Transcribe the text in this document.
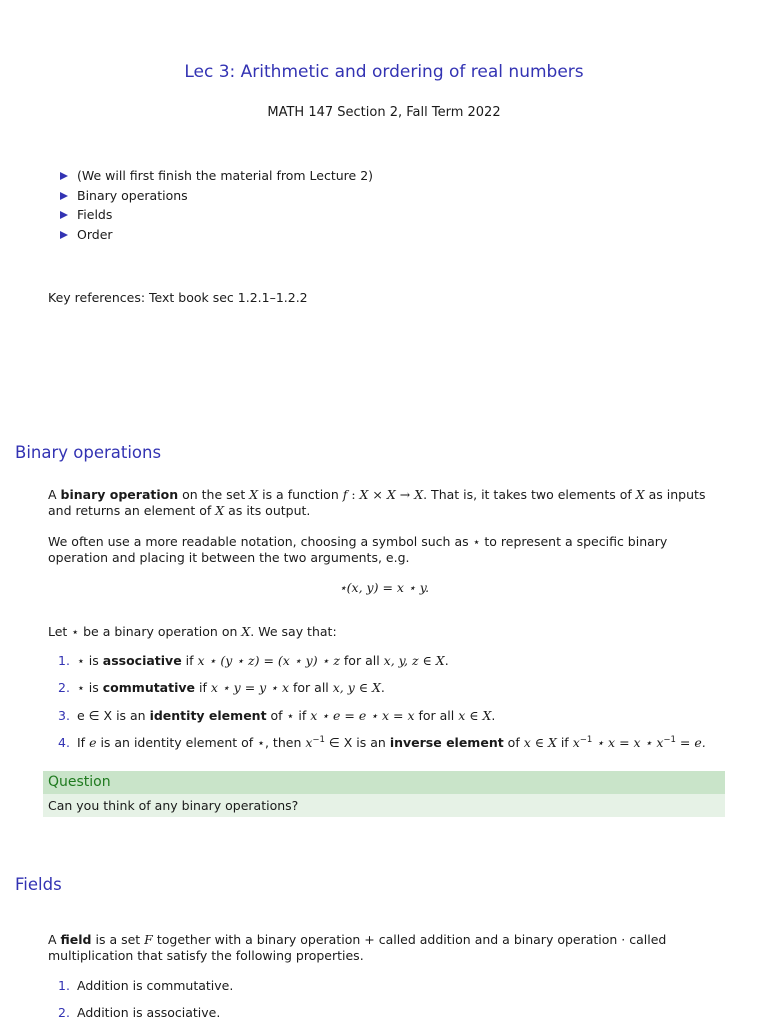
Lec 3: Arithmetic and ordering of real numbers
MATH 147 Section 2, Fall Term 2022
(We will first finish the material from Lecture 2)
Binary operations
Fields
Order
Key references: Text book sec 1.2.1–1.2.2
Binary operations
A binary operation on the set X is a function f : X × X → X. That is, it takes two elements of X as inputs and returns an element of X as its output.
We often use a more readable notation, choosing a symbol such as ⋆ to represent a specific binary operation and placing it between the two arguments, e.g.
⋆(x, y) = x ⋆ y.
Let ⋆ be a binary operation on X. We say that:
1. ⋆ is associative if x ⋆ (y ⋆ z) = (x ⋆ y) ⋆ z for all x, y, z ∈ X.
2. ⋆ is commutative if x ⋆ y = y ⋆ x for all x, y ∈ X.
3. e ∈ X is an identity element of ⋆ if x ⋆ e = e ⋆ x = x for all x ∈ X.
4. If e is an identity element of ⋆, then $x^{-1}$ ∈ X is an inverse element of x ∈ X if $x^{-1}$ ⋆ x = x ⋆ $x^{-1} = e$.
Question
Can you think of any binary operations?
Fields
A field is a set F together with a binary operation + called addition and a binary operation · called multiplication that satisfy the following properties.
1. Addition is commutative.
2. Addition is associative.
